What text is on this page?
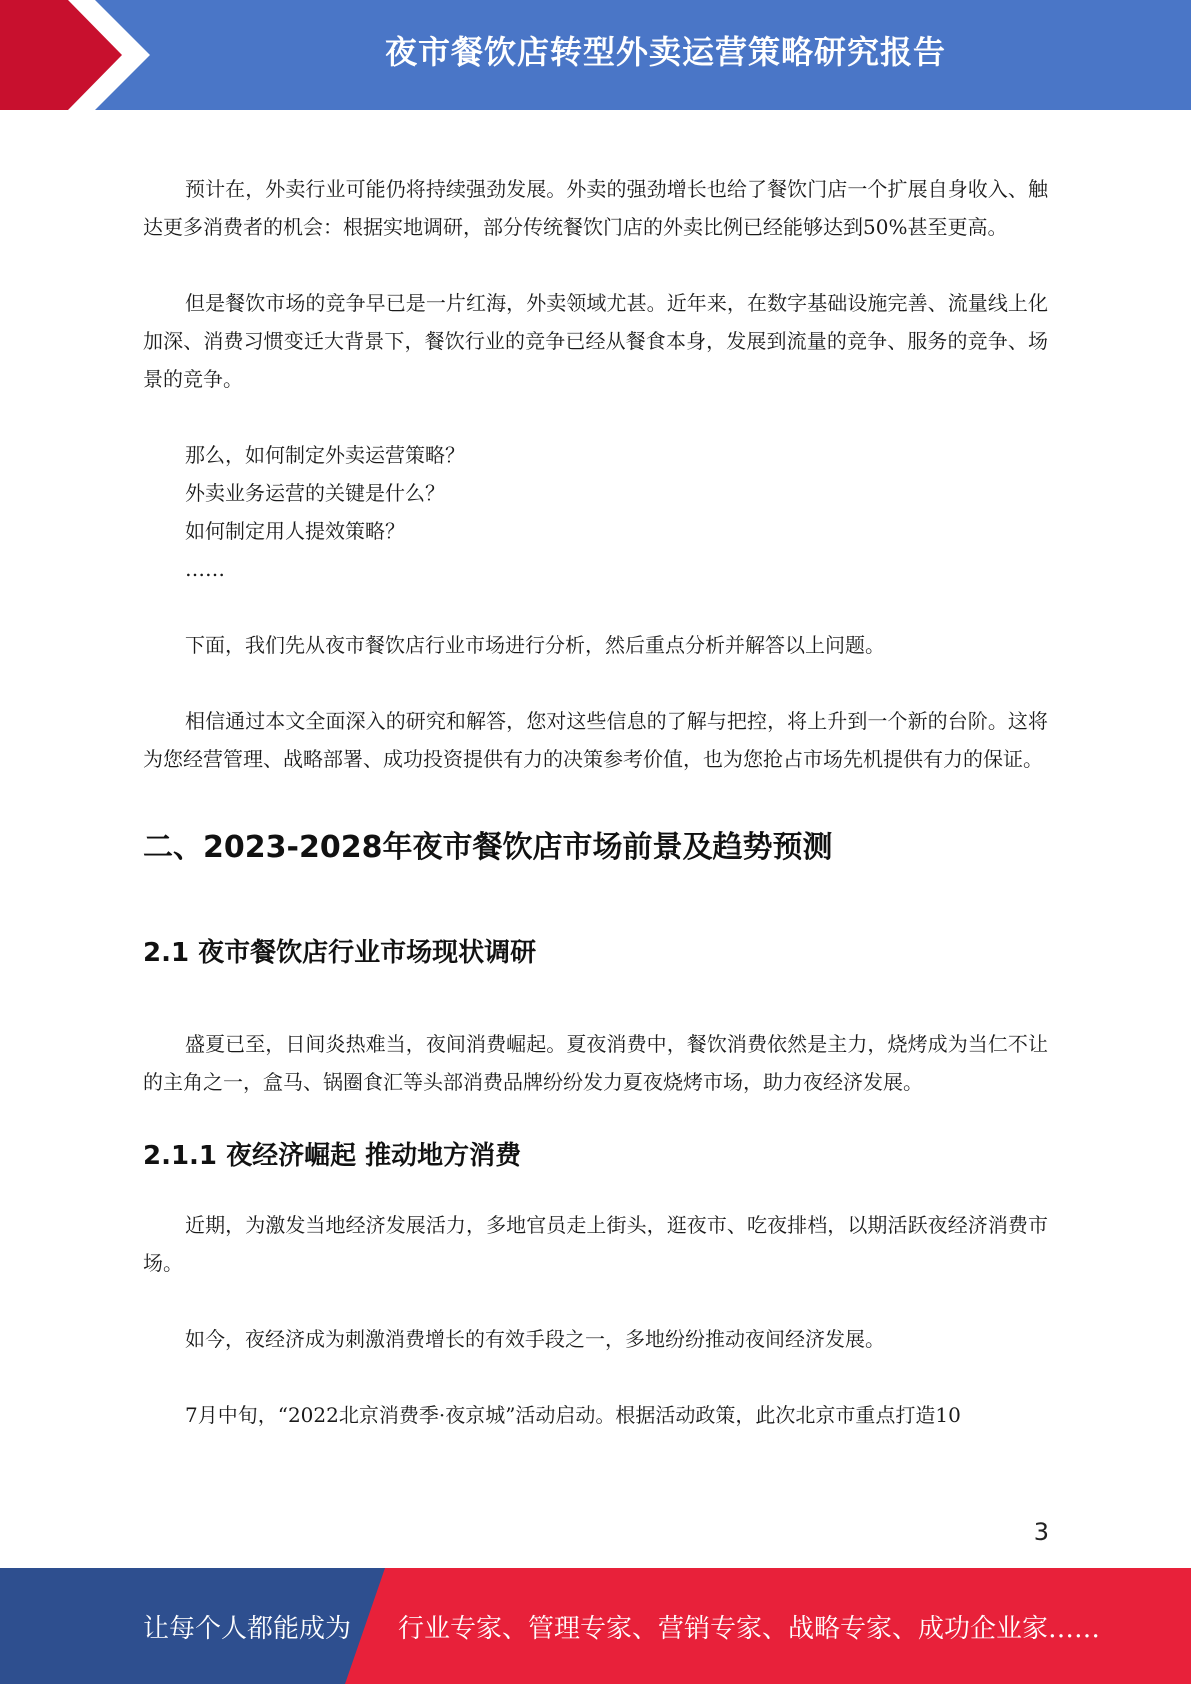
夜市餐饮店转型外卖运营策略研究报告

预计在，外卖行业可能仍将持续强劲发展。外卖的强劲增长也给了餐饮门店一个扩展自身收入、触达更多消费者的机会：根据实地调研，部分传统餐饮门店的外卖比例已经能够达到50%甚至更高。

但是餐饮市场的竞争早已是一片红海，外卖领域尤甚。近年来，在数字基础设施完善、流量线上化加深、消费习惯变迁大背景下，餐饮行业的竞争已经从餐食本身，发展到流量的竞争、服务的竞争、场景的竞争。

那么，如何制定外卖运营策略？

外卖业务运营的关键是什么？

如何制定用人提效策略？

……

下面，我们先从夜市餐饮店行业市场进行分析，然后重点分析并解答以上问题。

相信通过本文全面深入的研究和解答，您对这些信息的了解与把控，将上升到一个新的台阶。这将为您经营管理、战略部署、成功投资提供有力的决策参考价值，也为您抢占市场先机提供有力的保证。

二、2023-2028年夜市餐饮店市场前景及趋势预测
2.1 夜市餐饮店行业市场现状调研

盛夏已至，日间炎热难当，夜间消费崛起。夏夜消费中，餐饮消费依然是主力，烧烤成为当仁不让的主角之一，盒马、锅圈食汇等头部消费品牌纷纷发力夏夜烧烤市场，助力夜经济发展。

2.1.1 夜经济崛起 推动地方消费

近期，为激发当地经济发展活力，多地官员走上街头，逛夜市、吃夜排档，以期活跃夜经济消费市场。

如今，夜经济成为刺激消费增长的有效手段之一，多地纷纷推动夜间经济发展。

7月中旬，“2022北京消费季·夜京城”活动启动。根据活动政策，此次北京市重点打造10

3
让每个人都能成为 行业专家、管理专家、营销专家、战略专家、成功企业家……
